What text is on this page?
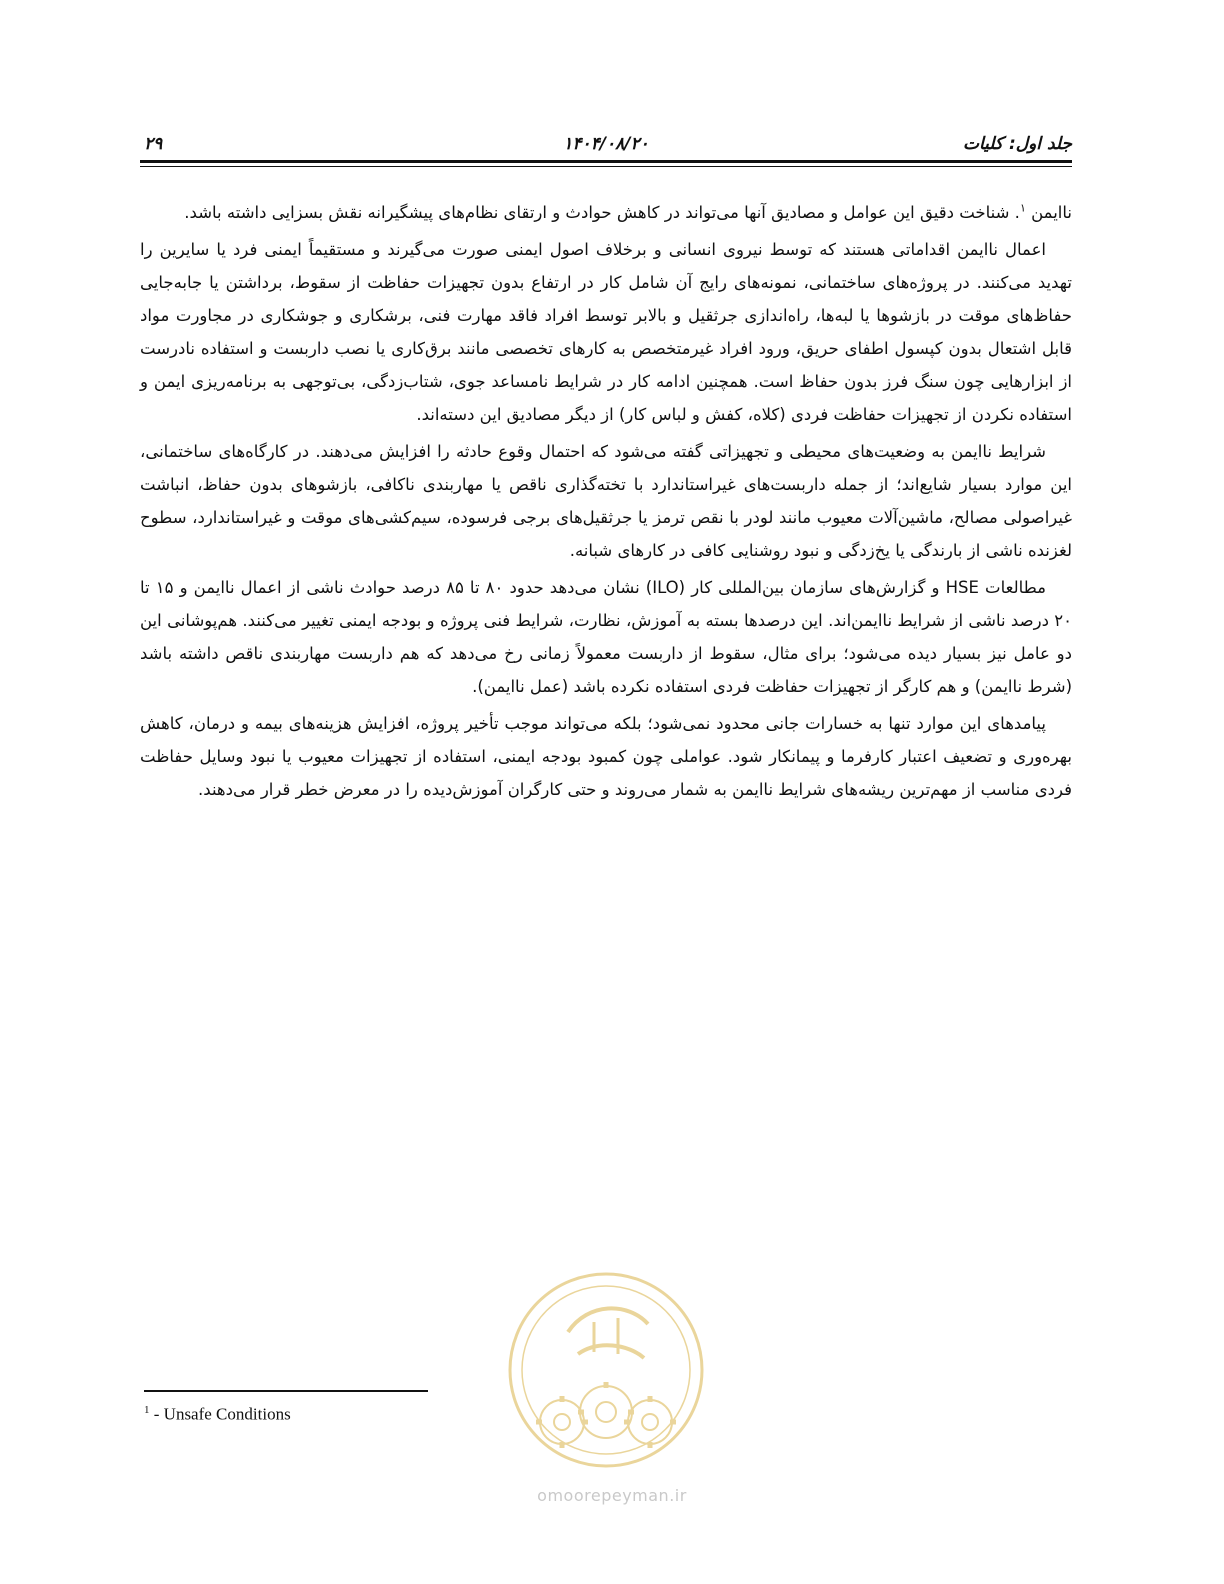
جلد اول: کلیات
۱۴۰۴/۰۸/۲۰
۲۹

ناایمن $^۱$. شناخت دقیق این عوامل و مصادیق آنها می‌تواند در کاهش حوادث و ارتقای نظام‌های پیشگیرانه نقش بسزایی داشته باشد.

اعمال ناایمن اقداماتی هستند که توسط نیروی انسانی و برخلاف اصول ایمنی صورت می‌گیرند و مستقیماً ایمنی فرد یا سایرین را تهدید می‌کنند. در پروژه‌های ساختمانی، نمونه‌های رایج آن شامل کار در ارتفاع بدون تجهیزات حفاظت از سقوط، برداشتن یا جابه‌جایی حفاظ‌های موقت در بازشوها یا لبه‌ها، راه‌اندازی جرثقیل و بالابر توسط افراد فاقد مهارت فنی، برشکاری و جوشکاری در مجاورت مواد قابل اشتعال بدون کپسول اطفای حریق، ورود افراد غیرمتخصص به کارهای تخصصی مانند برق‌کاری یا نصب داربست و استفاده نادرست از ابزارهایی چون سنگ فرز بدون حفاظ است. همچنین ادامه کار در شرایط نامساعد جوی، شتاب‌زدگی، بی‌توجهی به برنامه‌ریزی ایمن و استفاده نکردن از تجهیزات حفاظت فردی (کلاه، کفش و لباس کار) از دیگر مصادیق این دسته‌اند.

شرایط ناایمن به وضعیت‌های محیطی و تجهیزاتی گفته می‌شود که احتمال وقوع حادثه را افزایش می‌دهند. در کارگاه‌های ساختمانی، این موارد بسیار شایع‌اند؛ از جمله داربست‌های غیراستاندارد با تخته‌گذاری ناقص یا مهاربندی ناکافی، بازشوهای بدون حفاظ، انباشت غیراصولی مصالح، ماشین‌آلات معیوب مانند لودر با نقص ترمز یا جرثقیل‌های برجی فرسوده، سیم‌کشی‌های موقت و غیراستاندارد، سطوح لغزنده ناشی از بارندگی یا یخ‌زدگی و نبود روشنایی کافی در کارهای شبانه.

مطالعات HSE و گزارش‌های سازمان بین‌المللی کار (ILO) نشان می‌دهد حدود ۸۰ تا ۸۵ درصد حوادث ناشی از اعمال ناایمن و ۱۵ تا ۲۰ درصد ناشی از شرایط ناایمن‌اند. این درصدها بسته به آموزش، نظارت، شرایط فنی پروژه و بودجه ایمنی تغییر می‌کنند. هم‌پوشانی این دو عامل نیز بسیار دیده می‌شود؛ برای مثال، سقوط از داربست معمولاً زمانی رخ می‌دهد که هم داربست مهاربندی ناقص داشته باشد (شرط ناایمن) و هم کارگر از تجهیزات حفاظت فردی استفاده نکرده باشد (عمل ناایمن).

پیامدهای این موارد تنها به خسارات جانی محدود نمی‌شود؛ بلکه می‌تواند موجب تأخیر پروژه، افزایش هزینه‌های بیمه و درمان، کاهش بهره‌وری و تضعیف اعتبار کارفرما و پیمانکار شود. عواملی چون کمبود بودجه ایمنی، استفاده از تجهیزات معیوب یا نبود وسایل حفاظت فردی مناسب از مهم‌ترین ریشه‌های شرایط ناایمن به شمار می‌روند و حتی کارگران آموزش‌دیده را در معرض خطر قرار می‌دهند.

omoorepeyman.ir
$^1$ - Unsafe Conditions
